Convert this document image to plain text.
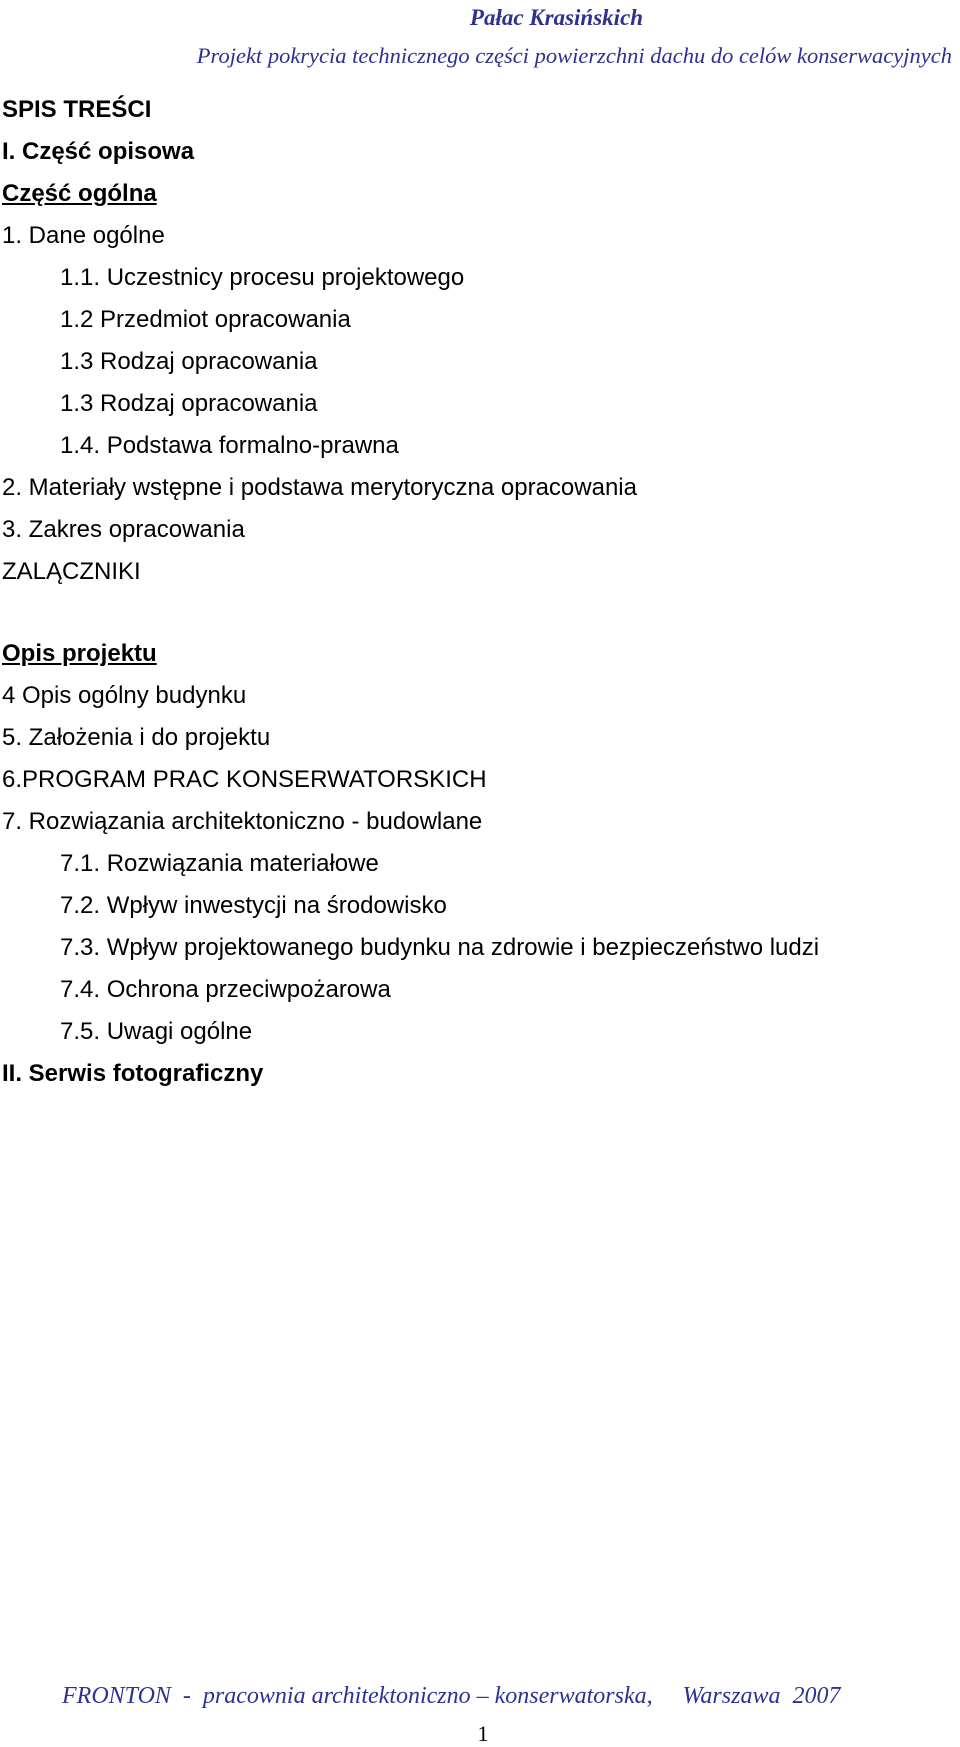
Pałac Krasińskich
Projekt pokrycia technicznego części powierzchni dachu do celów konserwacyjnych
SPIS TREŚCI
I. Część opisowa
Część ogólna
1. Dane ogólne
1.1. Uczestnicy procesu projektowego
1.2 Przedmiot opracowania
1.3 Rodzaj opracowania
1.3 Rodzaj opracowania
1.4. Podstawa formalno-prawna
2. Materiały wstępne i podstawa merytoryczna opracowania
3. Zakres opracowania
ZALĄCZNIKI
Opis projektu
4 Opis ogólny budynku
5. Założenia i do projektu
6.PROGRAM PRAC KONSERWATORSKICH
7. Rozwiązania architektoniczno - budowlane
7.1. Rozwiązania materiałowe
7.2. Wpływ inwestycji na środowisko
7.3. Wpływ projektowanego budynku na zdrowie i bezpieczeństwo ludzi
7.4. Ochrona przeciwpożarowa
7.5. Uwagi ogólne
II. Serwis fotograficzny
FRONTON  -  pracownia architektoniczno – konserwatorska,     Warszawa  2007
1
